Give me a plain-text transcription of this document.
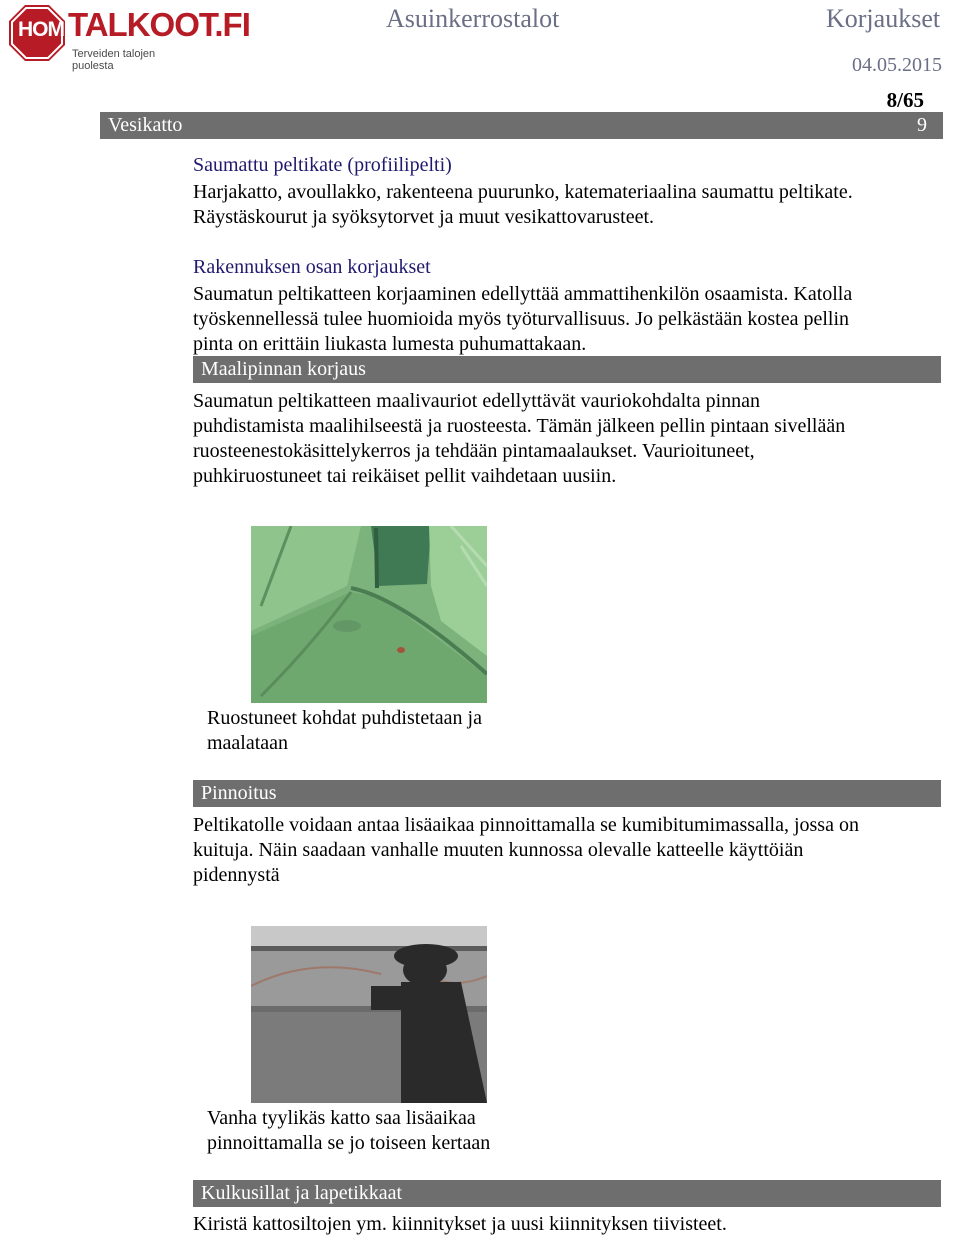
HOME
TALKOOT.FI
Terveiden talojen puolesta
Asuinkerrostalot	Korjaukset
04.05.2015
8/65
Vesikatto	9
Saumattu peltikate (profiilipelti)
Harjakatto, avoullakko, rakenteena puurunko, katemateriaalina saumattu peltikate.
Räystäskourut ja syöksytorvet ja muut vesikattovarusteet.
Rakennuksen osan korjaukset
Saumatun peltikatteen korjaaminen edellyttää ammattihenkilön osaamista. Katolla
työskennellessä tulee huomioida myös työturvallisuus. Jo pelkästään kostea pellin
pinta on erittäin liukasta lumesta puhumattakaan.
Maalipinnan korjaus
Saumatun peltikatteen maalivauriot edellyttävät vauriokohdalta pinnan
puhdistamista maalihilseestä ja ruosteesta. Tämän jälkeen pellin pintaan sivellään
ruosteenestokäsittelykerros ja tehdään pintamaalaukset. Vaurioituneet,
puhkiruostuneet tai reikäiset pellit vaihdetaan uusiin.
Ruostuneet kohdat puhdistetaan ja
maalataan
Pinnoitus
Peltikatolle voidaan antaa lisäaikaa pinnoittamalla se kumibitumimassalla, jossa on
kuituja. Näin saadaan vanhalle muuten kunnossa olevalle katteelle käyttöiän
pidennystä
Vanha tyylikäs katto saa lisäaikaa
pinnoittamalla se jo toiseen kertaan
Kulkusillat ja lapetikkaat
Kiristä kattosiltojen ym. kiinnitykset ja uusi kiinnityksen tiivisteet.
